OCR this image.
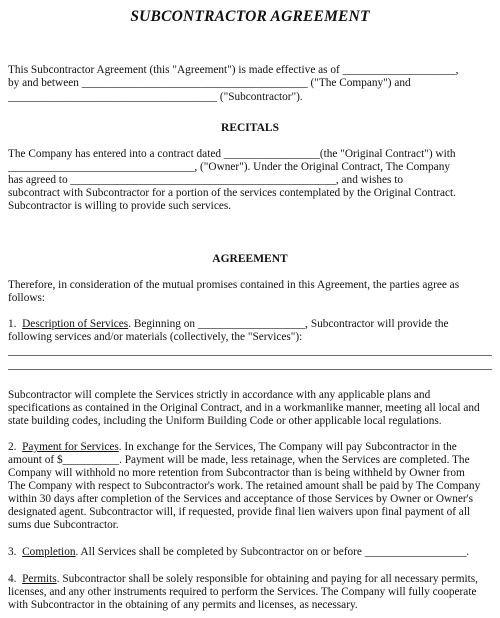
SUBCONTRACTOR AGREEMENT
This Subcontractor Agreement (this "Agreement") is made effective as of ____________________,
by and between ________________________________________ ("The Company") and
_____________________________________ ("Subcontractor").
RECITALS
The Company has entered into a contract dated _________________(the "Original Contract") with
_________________________________, ("Owner"). Under the Original Contract, The Company
has agreed to _______________________________________________, and wishes to
subcontract with Subcontractor for a portion of the services contemplated by the Original Contract.
Subcontractor is willing to provide such services.
AGREEMENT
Therefore, in consideration of the mutual promises contained in this Agreement, the parties agree as
follows:
1. Description of Services. Beginning on ___________________, Subcontractor will provide the
following services and/or materials (collectively, the "Services"):
Subcontractor will complete the Services strictly in accordance with any applicable plans and
specifications as contained in the Original Contract, and in a workmanlike manner, meeting all local and
state building codes, including the Uniform Building Code or other applicable local regulations.
2. Payment for Services. In exchange for the Services, The Company will pay Subcontractor in the
amount of $__________. Payment will be made, less retainage, when the Services are completed. The
Company will withhold no more retention from Subcontractor than is being withheld by Owner from
The Company with respect to Subcontractor's work. The retained amount shall be paid by The Company
within 30 days after completion of the Services and acceptance of those Services by Owner or Owner's
designated agent. Subcontractor will, if requested, provide final lien waivers upon final payment of all
sums due Subcontractor.
3. Completion. All Services shall be completed by Subcontractor on or before __________________.
4. Permits. Subcontractor shall be solely responsible for obtaining and paying for all necessary permits,
licenses, and any other instruments required to perform the Services. The Company will fully cooperate
with Subcontractor in the obtaining of any permits and licenses, as necessary.
